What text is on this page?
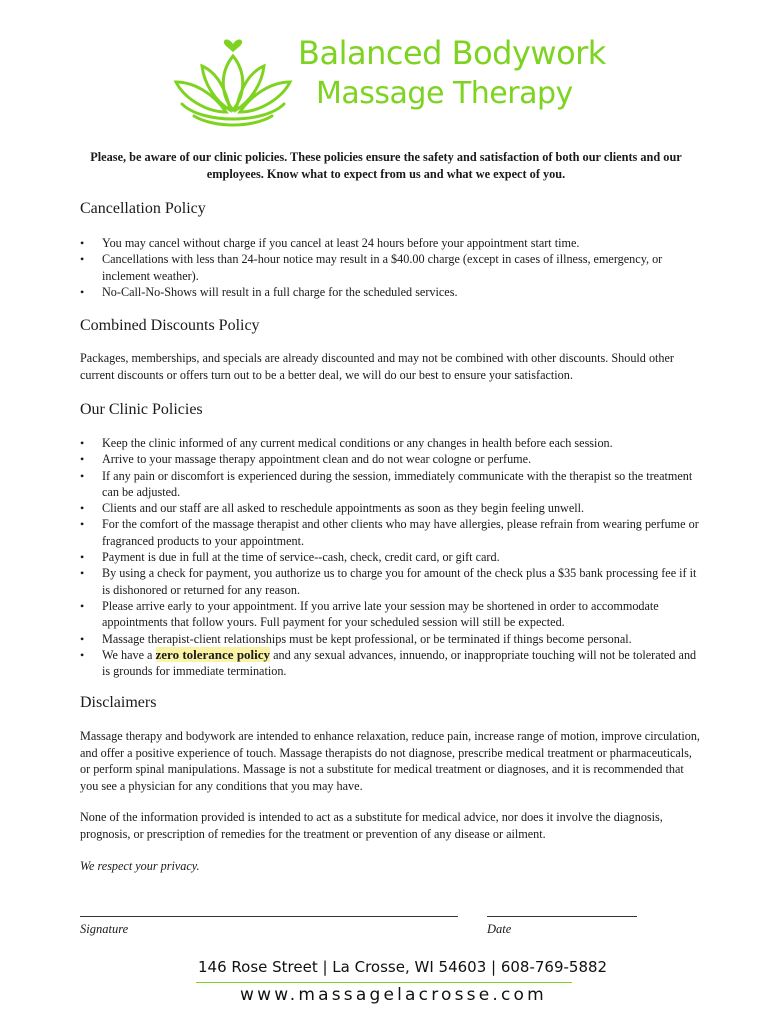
Balanced Bodywork
Massage Therapy
Please, be aware of our clinic policies. These policies ensure the safety and satisfaction of both our clients and our employees. Know what to expect from us and what we expect of you.
Cancellation Policy
• You may cancel without charge if you cancel at least 24 hours before your appointment start time.
• Cancellations with less than 24-hour notice may result in a $40.00 charge (except in cases of illness, emergency, or inclement weather).
• No-Call-No-Shows will result in a full charge for the scheduled services.
Combined Discounts Policy
Packages, memberships, and specials are already discounted and may not be combined with other discounts. Should other current discounts or offers turn out to be a better deal, we will do our best to ensure your satisfaction.
Our Clinic Policies
• Keep the clinic informed of any current medical conditions or any changes in health before each session.
• Arrive to your massage therapy appointment clean and do not wear cologne or perfume.
• If any pain or discomfort is experienced during the session, immediately communicate with the therapist so the treatment can be adjusted.
• Clients and our staff are all asked to reschedule appointments as soon as they begin feeling unwell.
• For the comfort of the massage therapist and other clients who may have allergies, please refrain from wearing perfume or fragranced products to your appointment.
• Payment is due in full at the time of service--cash, check, credit card, or gift card.
• By using a check for payment, you authorize us to charge you for amount of the check plus a $35 bank processing fee if it is dishonored or returned for any reason.
• Please arrive early to your appointment. If you arrive late your session may be shortened in order to accommodate appointments that follow yours. Full payment for your scheduled session will still be expected.
• Massage therapist-client relationships must be kept professional, or be terminated if things become personal.
• We have a zero tolerance policy and any sexual advances, innuendo, or inappropriate touching will not be tolerated and is grounds for immediate termination.
Disclaimers
Massage therapy and bodywork are intended to enhance relaxation, reduce pain, increase range of motion, improve circulation, and offer a positive experience of touch. Massage therapists do not diagnose, prescribe medical treatment or pharmaceuticals, or perform spinal manipulations. Massage is not a substitute for medical treatment or diagnoses, and it is recommended that you see a physician for any conditions that you may have.
None of the information provided is intended to act as a substitute for medical advice, nor does it involve the diagnosis, prognosis, or prescription of remedies for the treatment or prevention of any disease or ailment.
We respect your privacy.
Signature	Date
146 Rose Street | La Crosse, WI 54603 | 608-769-5882
www.massagelacrosse.com
